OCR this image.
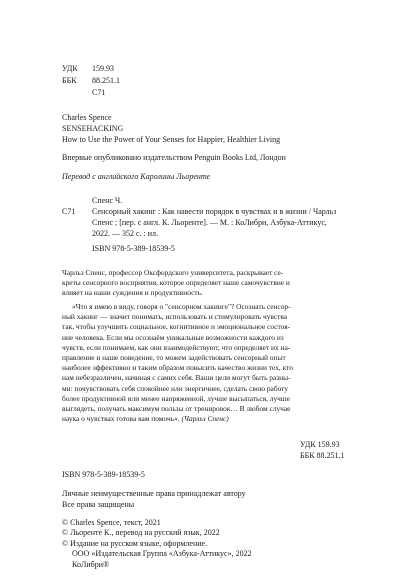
УДК 159.93
ББК 88.251.1
С71
Charles Spence
SENSEHACKING
How to Use the Power of Your Senses for Happier, Healthier Living
Впервые опубликовано издательством Penguin Books Ltd, Лондон
Перевод с английского Каролины Льоренте
Спенс Ч.
С71 Сенсорный хакинг : Как навести порядок в чувствах и в жизни / Чарльз
Спенс ; [пер. с англ. К. Льоренте]. — М. : КоЛибри, Азбука-Аттикус,
2022. — 352 с. : ил.
ISBN 978-5-389-18539-5
Чарльз Спенс, профессор Оксфордского университета, раскрывает се-
креты сенсорного восприятия, которое определяет наше самочувствие и
влияет на наши суждения и продуктивность.
«Что я имею в виду, говоря о "сенсорном хакинге"? Осознать сенсор-
ный хакинг — значит понимать, использовать и стимулировать чувства
так, чтобы улучшить социальное, когнитивное и эмоциональное состоя-
ние человека. Если мы осознаём уникальные возможности каждого из
чувств, если понимаем, как они взаимодействуют, что определяет их на-
правление и наше поведение, то можем задействовать сенсорный опыт
наиболее эффективно и таким образом повысить качество жизни тех, кто
нам небезразличен, начиная с самих себя. Ваши цели могут быть разны-
ми: почувствовать себя спокойнее или энергичнее, сделать свою работу
более продуктивной или менее напряженной, лучше высыпаться, лучше
выглядеть, получать максимум пользы от тренировок… В любом случае
наука о чувствах готова вам помочь». (Чарльз Спенс)
УДК 159.93
ББК 88.251.1
ISBN 978-5-389-18539-5
Личные неимущественные права принадлежат автору
Все права защищены
© Charles Spence, текст, 2021
© Льоренте К., перевод на русский язык, 2022
© Издание на русском языке, оформление.
ООО «Издательская Группа «Азбука-Аттикус», 2022
КоЛибри®
